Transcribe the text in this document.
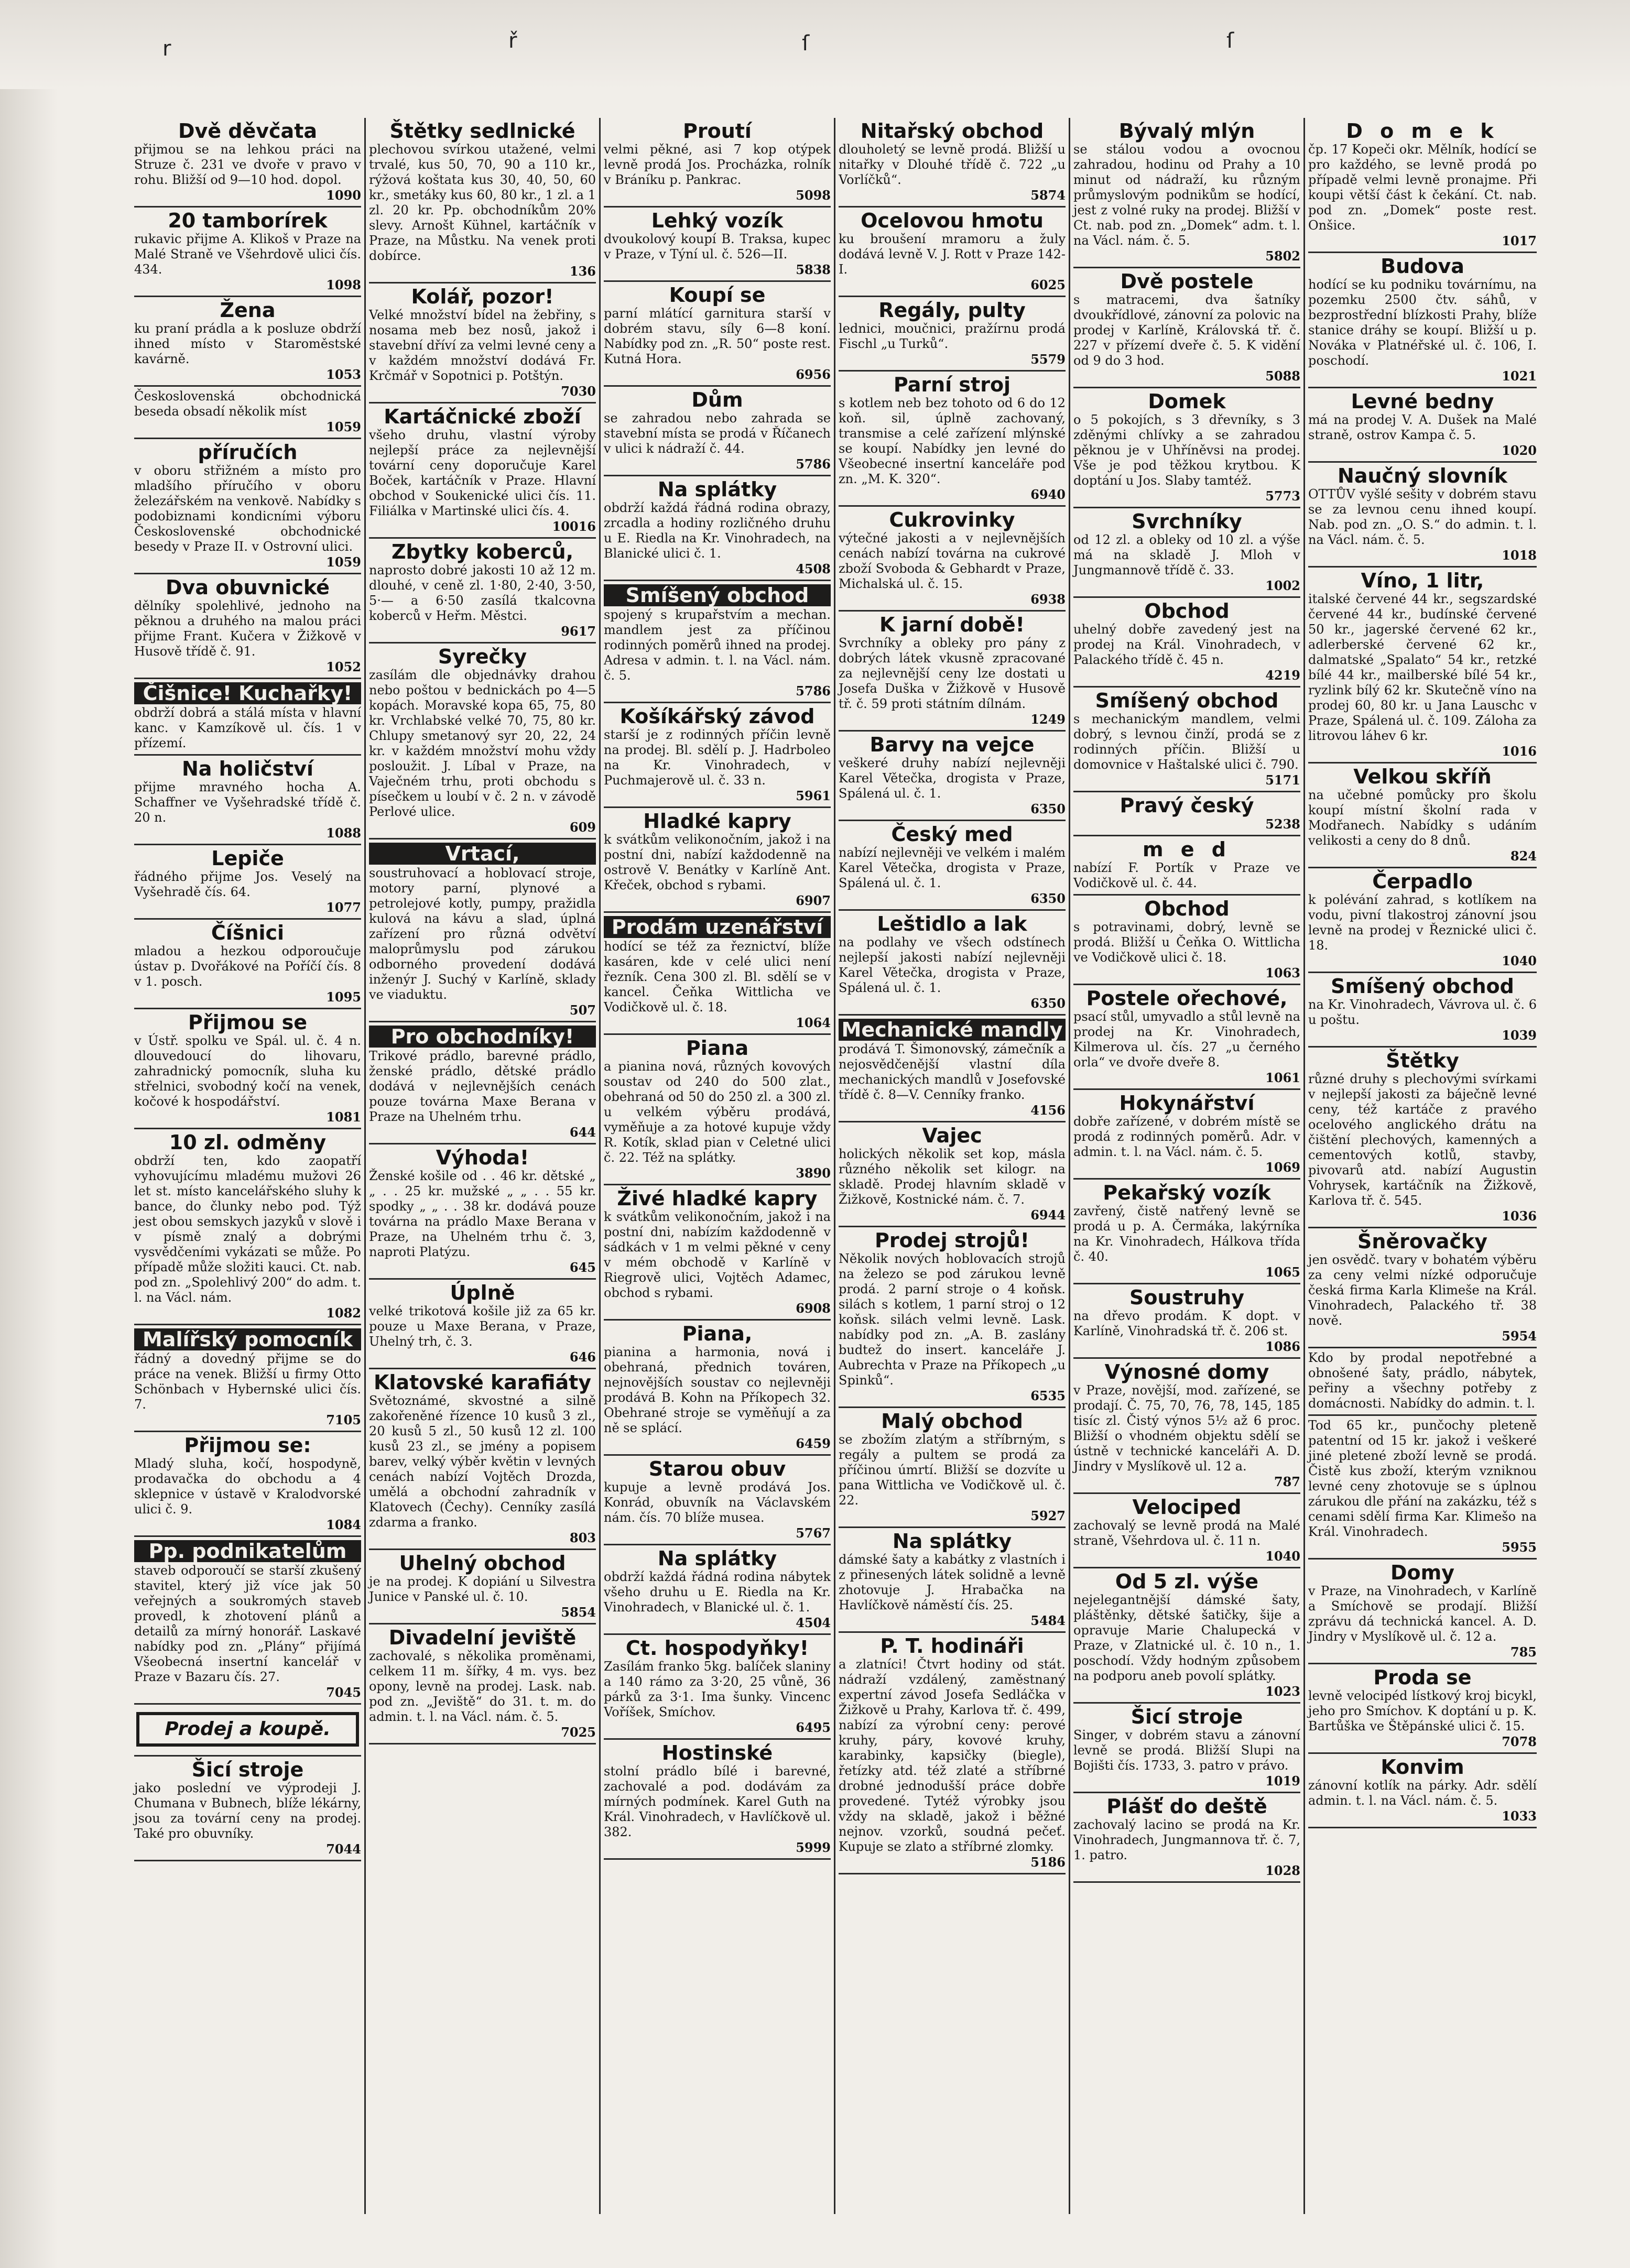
r	ř	ſ	ſ

Dvě děvčata

přijmou se na lehkou práci na Struze č. 231 ve dvoře v pravo v rohu. Bližší od 9—10 hod. dopol.

1090

20 tamborírek

rukavic přijme A. Klikoš v Praze na Malé Straně ve Všehrdově ulici čís. 434.

1098

Žena

ku praní prádla a k posluze obdrží ihned místo v Staroměstské kavárně.

1053

Československá obchodnická beseda obsadí několik míst

1059

příručích

v oboru střižném a místo pro mladšího příručího v oboru železářském na venkově. Nabídky s podobiznami kondicními výboru Československé obchodnické besedy v Praze II. v Ostrovní ulici.

1059

Dva obuvnické

dělníky spolehlivé, jednoho na pěknou a druhého na malou práci přijme Frant. Kučera v Žižkově v Husově třídě č. 91.

1052

Čišnice! Kuchařky!

obdrží dobrá a stálá místa v hlavní kanc. v Kamzíkově ul. čís. 1 v přízemí.

Na holičství

přijme mravného hocha A. Schaffner ve Vyšehradské třídě č. 20 n.

1088

Lepiče

řádného přijme Jos. Veselý na Vyšehradě čís. 64.

1077

Číšnici

mladou a hezkou odporoučuje ústav p. Dvořákové na Poříčí čís. 8 v 1. posch.

1095

Přijmou se

v Ústř. spolku ve Spál. ul. č. 4 n. dlouvedoucí do lihovaru, zahradnický pomocník, sluha ku střelnici, svobodný kočí na venek, kočové k hospodářství.

1081

10 zl. odměny

obdrží ten, kdo zaopatří vyhovujícímu mladému mužovi 26 let st. místo kancelářského sluhy k bance, do člunky nebo pod. Týž jest obou semskych jazyků v slově i v písmě znalý a dobrými vysvědčeními vykázati se může. Po případě může složiti kauci. Ct. nab. pod zn. „Spolehlivý 200“ do adm. t. l. na Václ. nám.

1082

Malířský pomocník

řádný a dovedný přijme se do práce na venek. Bližší u firmy Otto Schönbach v Hybernské ulici čís. 7.

7105

Přijmou se:

Mladý sluha, kočí, hospodyně, prodavačka do obchodu a 4 sklepnice v ústavě v Kralodvorské ulici č. 9.

1084

Pp. podnikatelům

staveb odporoučí se starší zkušený stavitel, který již více jak 50 veřejných a soukromých staveb provedl, k zhotovení plánů a detailů za mírný honorář. Laskavé nabídky pod zn. „Plány“ přijímá Všeobecná insertní kancelář v Praze v Bazaru čís. 27.

7045

Prodej a koupě.

Šicí stroje

jako poslední ve výprodeji J. Chumana v Bubnech, blíže lékárny, jsou za tovární ceny na prodej. Také pro obuvníky.

7044

Štětky sedlnické

plechovou svírkou utažené, velmi trvalé, kus 50, 70, 90 a 110 kr., rýžová koštata kus 30, 40, 50, 60 kr., smetáky kus 60, 80 kr., 1 zl. a 1 zl. 20 kr. Pp. obchodníkům 20% slevy. Arnošt Kühnel, kartáčník v Praze, na Můstku. Na venek proti dobírce.

136

Kolář, pozor!

Velké množství bídel na žebřiny, s nosama meb bez nosů, jakož i stavební dříví za velmi levné ceny a v každém množství dodává Fr. Krčmář v Sopotnici p. Potštýn.

7030

Kartáčnické zboží

všeho druhu, vlastní výroby nejlepší práce za nejlevnější tovární ceny doporučuje Karel Boček, kartáčník v Praze. Hlavní obchod v Soukenické ulici čís. 11. Filiálka v Martinské ulici čís. 4.

10016

Zbytky koberců,

naprosto dobré jakosti 10 až 12 m. dlouhé, v ceně zl. 1·80, 2·40, 3·50, 5·— a 6·50 zasílá tkalcovna koberců v Heřm. Městci.

9617

Syrečky

zasílám dle objednávky drahou nebo poštou v bednickách po 4—5 kopách. Moravské kopa 65, 75, 80 kr. Vrchlabské velké 70, 75, 80 kr. Chlupy smetanový syr 20, 22, 24 kr. v každém množství mohu vždy posloužit. J. Líbal v Praze, na Vaječném trhu, proti obchodu s písečkem u loubí v č. 2 n. v závodě Perlové ulice.

609

Vrtací,

soustruhovací a hoblovací stroje, motory parní, plynové a petrolejové kotly, pumpy, pražidla kulová na kávu a slad, úplná zařízení pro různá odvětví maloprůmyslu pod zárukou odborného provedení dodává inženýr J. Suchý v Karlíně, sklady ve viaduktu.

507

Pro obchodníky!

Trikové prádlo, barevné prádlo, ženské prádlo, dětské prádlo dodává v nejlevnějších cenách pouze továrna Maxe Berana v Praze na Uhelném trhu.

644

Výhoda!

Ženské košile od . . 46 kr. dětské „ „ . . 25 kr. mužské „ „ . . 55 kr. spodky „ „ . . 38 kr. dodává pouze továrna na prádlo Maxe Berana v Praze, na Uhelném trhu č. 3, naproti Platýzu.

645

Úplně

velké trikotová košile již za 65 kr. pouze u Maxe Berana, v Praze, Uhelný trh, č. 3.

646

Klatovské karafiáty

Světoznámé, skvostné a silně zakořeněné řízence 10 kusů 3 zl., 20 kusů 5 zl., 50 kusů 12 zl. 100 kusů 23 zl., se jmény a popisem barev, velký výběr květin v levných cenách nabízí Vojtěch Drozda, umělá a obchodní zahradník v Klatovech (Čechy). Cenníky zasílá zdarma a franko.

803

Uhelný obchod

je na prodej. K dopiání u Silvestra Junice v Panské ul. č. 10.

5854

Divadelní jeviště

zachovalé, s několika proměnami, celkem 11 m. šířky, 4 m. vys. bez opony, levně na prodej. Lask. nab. pod zn. „Jeviště“ do 31. t. m. do admin. t. l. na Václ. nám. č. 5.

7025

Proutí

velmi pěkné, asi 7 kop otýpek levně prodá Jos. Procházka, rolník v Bráníku p. Pankrac.

5098

Lehký vozík

dvoukolový koupí B. Traksa, kupec v Praze, v Týní ul. č. 526—II.

5838

Koupí se

parní mlátící garnitura starší v dobrém stavu, síly 6—8 koní. Nabídky pod zn. „R. 50“ poste rest. Kutná Hora.

6956

Dům

se zahradou nebo zahrada se stavební místa se prodá v Říčanech v ulici k nádraží č. 44.

5786

Na splátky

obdrží každá řádná rodina obrazy, zrcadla a hodiny rozličného druhu u E. Riedla na Kr. Vinohradech, na Blanické ulici č. 1.

4508

Smíšený obchod

spojený s krupařstvím a mechan. mandlem jest za příčinou rodinných poměrů ihned na prodej. Adresa v admin. t. l. na Václ. nám. č. 5.

5786

Košíkářský závod

starší je z rodinných příčin levně na prodej. Bl. sdělí p. J. Hadrboleo na Kr. Vinohradech, v Puchmajerově ul. č. 33 n.

5961

Hladké kapry

k svátkům velikonočním, jakož i na postní dni, nabízí každodenně na ostrově V. Benátky v Karlíně Ant. Křeček, obchod s rybami.

6907

Prodám uzenářství

hodící se též za řeznictví, blíže kasáren, kde v celé ulici není řezník. Cena 300 zl. Bl. sdělí se v kancel. Čeňka Wittlicha ve Vodičkově ul. č. 18.

1064

Piana

a pianina nová, různých kovových soustav od 240 do 500 zlat., obehraná od 50 do 250 zl. a 300 zl. u velkém výběru prodává, vyměňuje a za hotové kupuje vždy R. Kotík, sklad pian v Celetné ulici č. 22. Též na splátky.

3890

Živé hladké kapry

k svátkům velikonočním, jakož i na postní dni, nabízím každodenně v sádkách v 1 m velmi pěkné v ceny v mém obchodě v Karlíně v Riegrově ulici, Vojtěch Adamec, obchod s rybami.

6908

Piana,

pianina a harmonia, nová i obehraná, přednich továren, nejnovějších soustav co nejlevněji prodává B. Kohn na Příkopech 32. Obehrané stroje se vyměňují a za ně se splácí.

6459

Starou obuv

kupuje a levně prodává Jos. Konrád, obuvník na Václavském nám. čís. 70 blíže musea.

5767

Na splátky

obdrží každá řádná rodina nábytek všeho druhu u E. Riedla na Kr. Vinohradech, v Blanické ul. č. 1.

4504

Ct. hospodyňky!

Zasílám franko 5kg. balíček slaniny a 140 rámo za 3·20, 25 vůně, 36 párků za 3·1. Ima šunky. Vincenc Voříšek, Smíchov.

6495

Hostinské

stolní prádlo bílé i barevné, zachovalé a pod. dodávám za mírných podmínek. Karel Guth na Král. Vinohradech, v Havlíčkově ul. 382.

5999

Nitařský obchod

dlouholetý se levně prodá. Bližší u nitařky v Dlouhé třídě č. 722 „u Vorlíčků“.

5874

Ocelovou hmotu

ku broušení mramoru a žuly dodává levně V. J. Rott v Praze 142-I.

6025

Regály, pulty

lednici, moučnici, pražírnu prodá Fischl „u Turků“.

5579

Parní stroj

s kotlem neb bez tohoto od 6 do 12 koň. sil, úplně zachovaný, transmise a celé zařízení mlýnské se koupí. Nabídky jen levné do Všeobecné insertní kanceláře pod zn. „M. K. 320“.

6940

Cukrovinky

výtečné jakosti a v nejlevnějších cenách nabízí továrna na cukrové zboží Svoboda & Gebhardt v Praze, Michalská ul. č. 15.

6938

K jarní době!

Svrchníky a obleky pro pány z dobrých látek vkusně zpracované za nejlevnější ceny lze dostati u Josefa Duška v Žižkově v Husově tř. č. 59 proti státním dílnám.

1249

Barvy na vejce

veškeré druhy nabízí nejlevněji Karel Větečka, drogista v Praze, Spálená ul. č. 1.

6350

Český med

nabízí nejlevněji ve velkém i malém Karel Větečka, drogista v Praze, Spálená ul. č. 1.

6350

Leštidlo a lak

na podlahy ve všech odstínech nejlepší jakosti nabízí nejlevněji Karel Větečka, drogista v Praze, Spálená ul. č. 1.

6350

Mechanické mandly

prodává T. Šimonovský, zámečník a nejosvědčenější vlastní díla mechanických mandlů v Josefovské třídě č. 8—V. Cenníky franko.

4156

Vajec

holických několik set kop, másla různého několik set kilogr. na skladě. Prodej hlavním skladě v Žižkově, Kostnické nám. č. 7.

6944

Prodej strojů!

Několik nových hoblovacích strojů na železo se pod zárukou levně prodá. 2 parní stroje o 4 koňsk. silách s kotlem, 1 parní stroj o 12 koňsk. silách velmi levně. Lask. nabídky pod zn. „A. B. zaslány budtež do insert. kanceláře J. Aubrechta v Praze na Příkopech „u Spinků“.

6535

Malý obchod

se zbožím zlatým a stříbrným, s regály a pultem se prodá za příčinou úmrtí. Bližší se dozvíte u pana Wittlicha ve Vodičkově ul. č. 22.

5927

Na splátky

dámské šaty a kabátky z vlastních i z přinesených látek solidně a levně zhotovuje J. Hrabačka na Havlíčkově náměstí čís. 25.

5484

P. T. hodináři

a zlatníci! Čtvrt hodiny od stát. nádraží vzdálený, zaměstnaný expertní závod Josefa Sedláčka v Žižkově u Prahy, Karlova tř. č. 499, nabízí za výrobní ceny: perové kruhy, páry, kovové kruhy, karabinky, kapsičky (biegle), řetízky atd. též zlaté a stříbrné drobné jednodušší práce dobře provedené. Tytéž výrobky jsou vždy na skladě, jakož i běžné nejnov. vzorků, soudná pečeť. Kupuje se zlato a stříbrné zlomky.

5186

Bývalý mlýn

se stálou vodou a ovocnou zahradou, hodinu od Prahy a 10 minut od nádraží, ku různým průmyslovým podnikům se hodící, jest z volné ruky na prodej. Bližší v Ct. nab. pod zn. „Domek“ adm. t. l. na Václ. nám. č. 5.

5802

Dvě postele

s matracemi, dva šatníky dvoukřídlové, zánovní za polovic na prodej v Karlíně, Královská tř. č. 227 v přízemí dveře č. 5. K vidění od 9 do 3 hod.

5088

Domek

o 5 pokojích, s 3 dřevníky, s 3 zděnými chlívky a se zahradou pěknou je v Uhříněvsi na prodej. Vše je pod těžkou krytbou. K doptání u Jos. Slaby tamtéž.

5773

Svrchníky

od 12 zl. a obleky od 10 zl. a výše má na skladě J. Mloh v Jungmannově třídě č. 33.

1002

Obchod

uhelný dobře zavedený jest na prodej na Král. Vinohradech, v Palackého třídě č. 45 n.

4219

Smíšený obchod

s mechanickým mandlem, velmi dobrý, s levnou činží, prodá se z rodinných příčin. Bližší u domovnice v Haštalské ulici č. 790.

5171

Pravý český

5238

m e d

nabízí F. Portík v Praze ve Vodičkově ul. č. 44.

Obchod

s potravinami, dobrý, levně se prodá. Bližší u Čeňka O. Wittlicha ve Vodičkově ulici č. 18.

1063

Postele ořechové,

psací stůl, umyvadlo a stůl levně na prodej na Kr. Vinohradech, Kilmerova ul. čís. 27 „u černého orla“ ve dvoře dveře 8.

1061

Hokynářství

dobře zařízené, v dobrém místě se prodá z rodinných poměrů. Adr. v admin. t. l. na Václ. nám. č. 5.

1069

Pekařský vozík

zavřený, čistě natřený levně se prodá u p. A. Čermáka, lakýrníka na Kr. Vinohradech, Hálkova třída č. 40.

1065

Soustruhy

na dřevo prodám. K dopt. v Karlíně, Vinohradská tř. č. 206 st.

1086

Výnosné domy

v Praze, novější, mod. zařízené, se prodají. Č. 75, 70, 76, 78, 145, 185 tisíc zl. Čistý výnos 5½ až 6 proc. Bližší o vhodném objektu sdělí se ústně v technické kanceláři A. D. Jindry v Myslíkově ul. 12 a.

787

Velociped

zachovalý se levně prodá na Malé straně, Všehrdova ul. č. 11 n.

1040

Od 5 zl. výše

nejelegantnější dámské šaty, pláštěnky, dětské šatičky, šije a opravuje Marie Chalupecká v Praze, v Zlatnické ul. č. 10 n., 1. poschodí. Vždy hodným způsobem na podporu aneb povolí splátky.

1023

Šicí stroje

Singer, v dobrém stavu a zánovní levně se prodá. Bližší Slupi na Bojišti čís. 1733, 3. patro v právo.

1019

Plášť do deště

zachovalý lacino se prodá na Kr. Vinohradech, Jungmannova tř. č. 7, 1. patro.

1028

D o m e k

čp. 17 Kopeči okr. Mělník, hodící se pro každého, se levně prodá po případě velmi levně pronajme. Při koupi větší část k čekání. Ct. nab. pod zn. „Domek“ poste rest. Onšice.

1017

Budova

hodící se ku podniku továrnímu, na pozemku 2500 čtv. sáhů, v bezprostřední blízkosti Prahy, blíže stanice dráhy se koupí. Bližší u p. Nováka v Platnéřské ul. č. 106, I. poschodí.

1021

Levné bedny

má na prodej V. A. Dušek na Malé straně, ostrov Kampa č. 5.

1020

Naučný slovník

OTTŮV vyšlé sešity v dobrém stavu se za levnou cenu ihned koupí. Nab. pod zn. „O. S.“ do admin. t. l. na Václ. nám. č. 5.

1018

Víno, 1 litr,

italské červené 44 kr., segszardské červené 44 kr., budínské červené 50 kr., jagerské červené 62 kr., adlerberské červené 62 kr., dalmatské „Spalato“ 54 kr., retzké bílé 44 kr., mailberské bílé 54 kr., ryzlink bílý 62 kr. Skutečně víno na prodej 60, 80 kr. u Jana Lauschc v Praze, Spálená ul. č. 109. Záloha za litrovou láhev 6 kr.

1016

Velkou skříň

na učebné pomůcky pro školu koupí místní školní rada v Modřanech. Nabídky s udáním velikosti a ceny do 8 dnů.

824

Čerpadlo

k polévání zahrad, s kotlíkem na vodu, pivní tlakostroj zánovní jsou levně na prodej v Řeznické ulici č. 18.

1040

Smíšený obchod

na Kr. Vinohradech, Vávrova ul. č. 6 u poštu.

1039

Štětky

různé druhy s plechovými svírkami v nejlepší jakosti za báječně levné ceny, též kartáče z pravého ocelového anglického drátu na čištění plechových, kamenných a cementových kotlů, stavby, pivovarů atd. nabízí Augustin Vohrysek, kartáčník na Žižkově, Karlova tř. č. 545.

1036

Šněrovačky

jen osvědč. tvary v bohatém výběru za ceny velmi nízké odporučuje česká firma Karla Klimeše na Král. Vinohradech, Palackého tř. 38 nově.

5954

Kdo by prodal nepotřebné a obnošené šaty, prádlo, nábytek, peřiny a všechny potřeby z domácnosti. Nabídky do admin. t. l.

Tod 65 kr., punčochy pleteně patentní od 15 kr. jakož i veškeré jiné pletené zboží levně se prodá. Čistě kus zboží, kterým vzniknou levné ceny zhotovuje se s úplnou zárukou dle přání na zakázku, též s cenami sdělí firma Kar. Klimešo na Král. Vinohradech.

5955

Domy

v Praze, na Vinohradech, v Karlíně a Smíchově se prodají. Bližší zprávu dá technická kancel. A. D. Jindry v Myslíkově ul. č. 12 a.

785

Proda se

levně velocipéd lístkový kroj bicykl, jeho pro Smíchov. K doptání u p. K. Bartůška ve Štěpánské ulici č. 15.

7078

Konvim

zánovní kotlík na párky. Adr. sdělí admin. t. l. na Václ. nám. č. 5.

1033
